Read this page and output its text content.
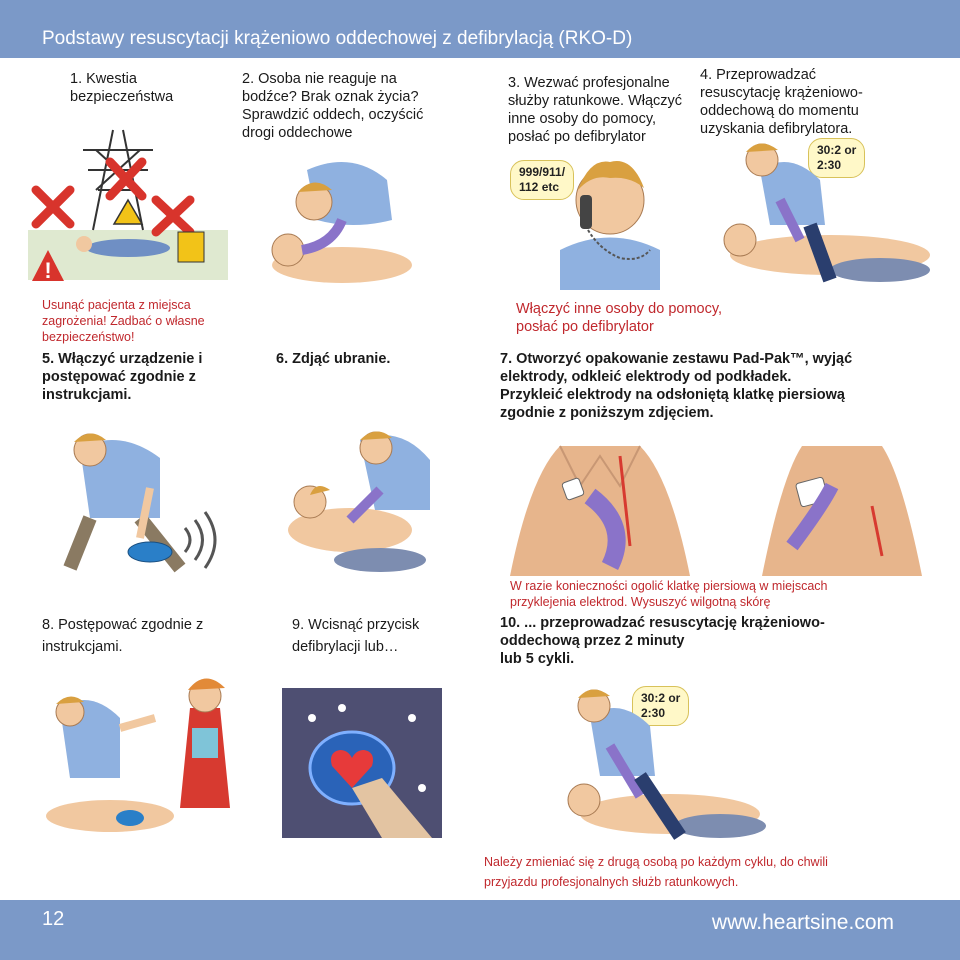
Podstawy resuscytacji krążeniowo oddechowej z defibrylacją (RKO-D)
1. Kwestia
bezpieczeństwa
2. Osoba nie reaguje na
bodźce? Brak oznak życia?
Sprawdzić oddech, oczyścić
drogi oddechowe
3. Wezwać profesjonalne
służby ratunkowe. Włączyć
inne osoby do pomocy,
posłać po defibrylator
4. Przeprowadzać
resuscytację krążeniowo-
oddechową do momentu
uzyskania defibrylatora.
999/911/
112 etc
30:2 or
2:30
!
Usunąć pacjenta z miejsca
zagrożenia! Zadbać o własne
bezpieczeństwo!
Włączyć inne osoby do pomocy,
posłać po defibrylator
5. Włączyć urządzenie i
postępować zgodnie z
instrukcjami.
6. Zdjąć ubranie.	7. Otworzyć opakowanie zestawu Pad-Pak™, wyjąć
elektrody, odkleić elektrody od podkładek.
Przykleić elektrody na odsłoniętą klatkę piersiową
zgodnie z poniższym zdjęciem.
W razie konieczności ogolić klatkę piersiową w miejscach
przyklejenia elektrod. Wysuszyć wilgotną skórę
8. Postępować zgodnie z
instrukcjami.
9. Wcisnąć przycisk
defibrylacji lub…
10. ... przeprowadzać resuscytację krążeniowo-
oddechową przez 2 minuty
lub 5 cykli.
30:2 or
2:30
Należy zmieniać się z drugą osobą po każdym cyklu, do chwili
przyjazdu profesjonalnych służb ratunkowych.
12	www.heartsine.com
